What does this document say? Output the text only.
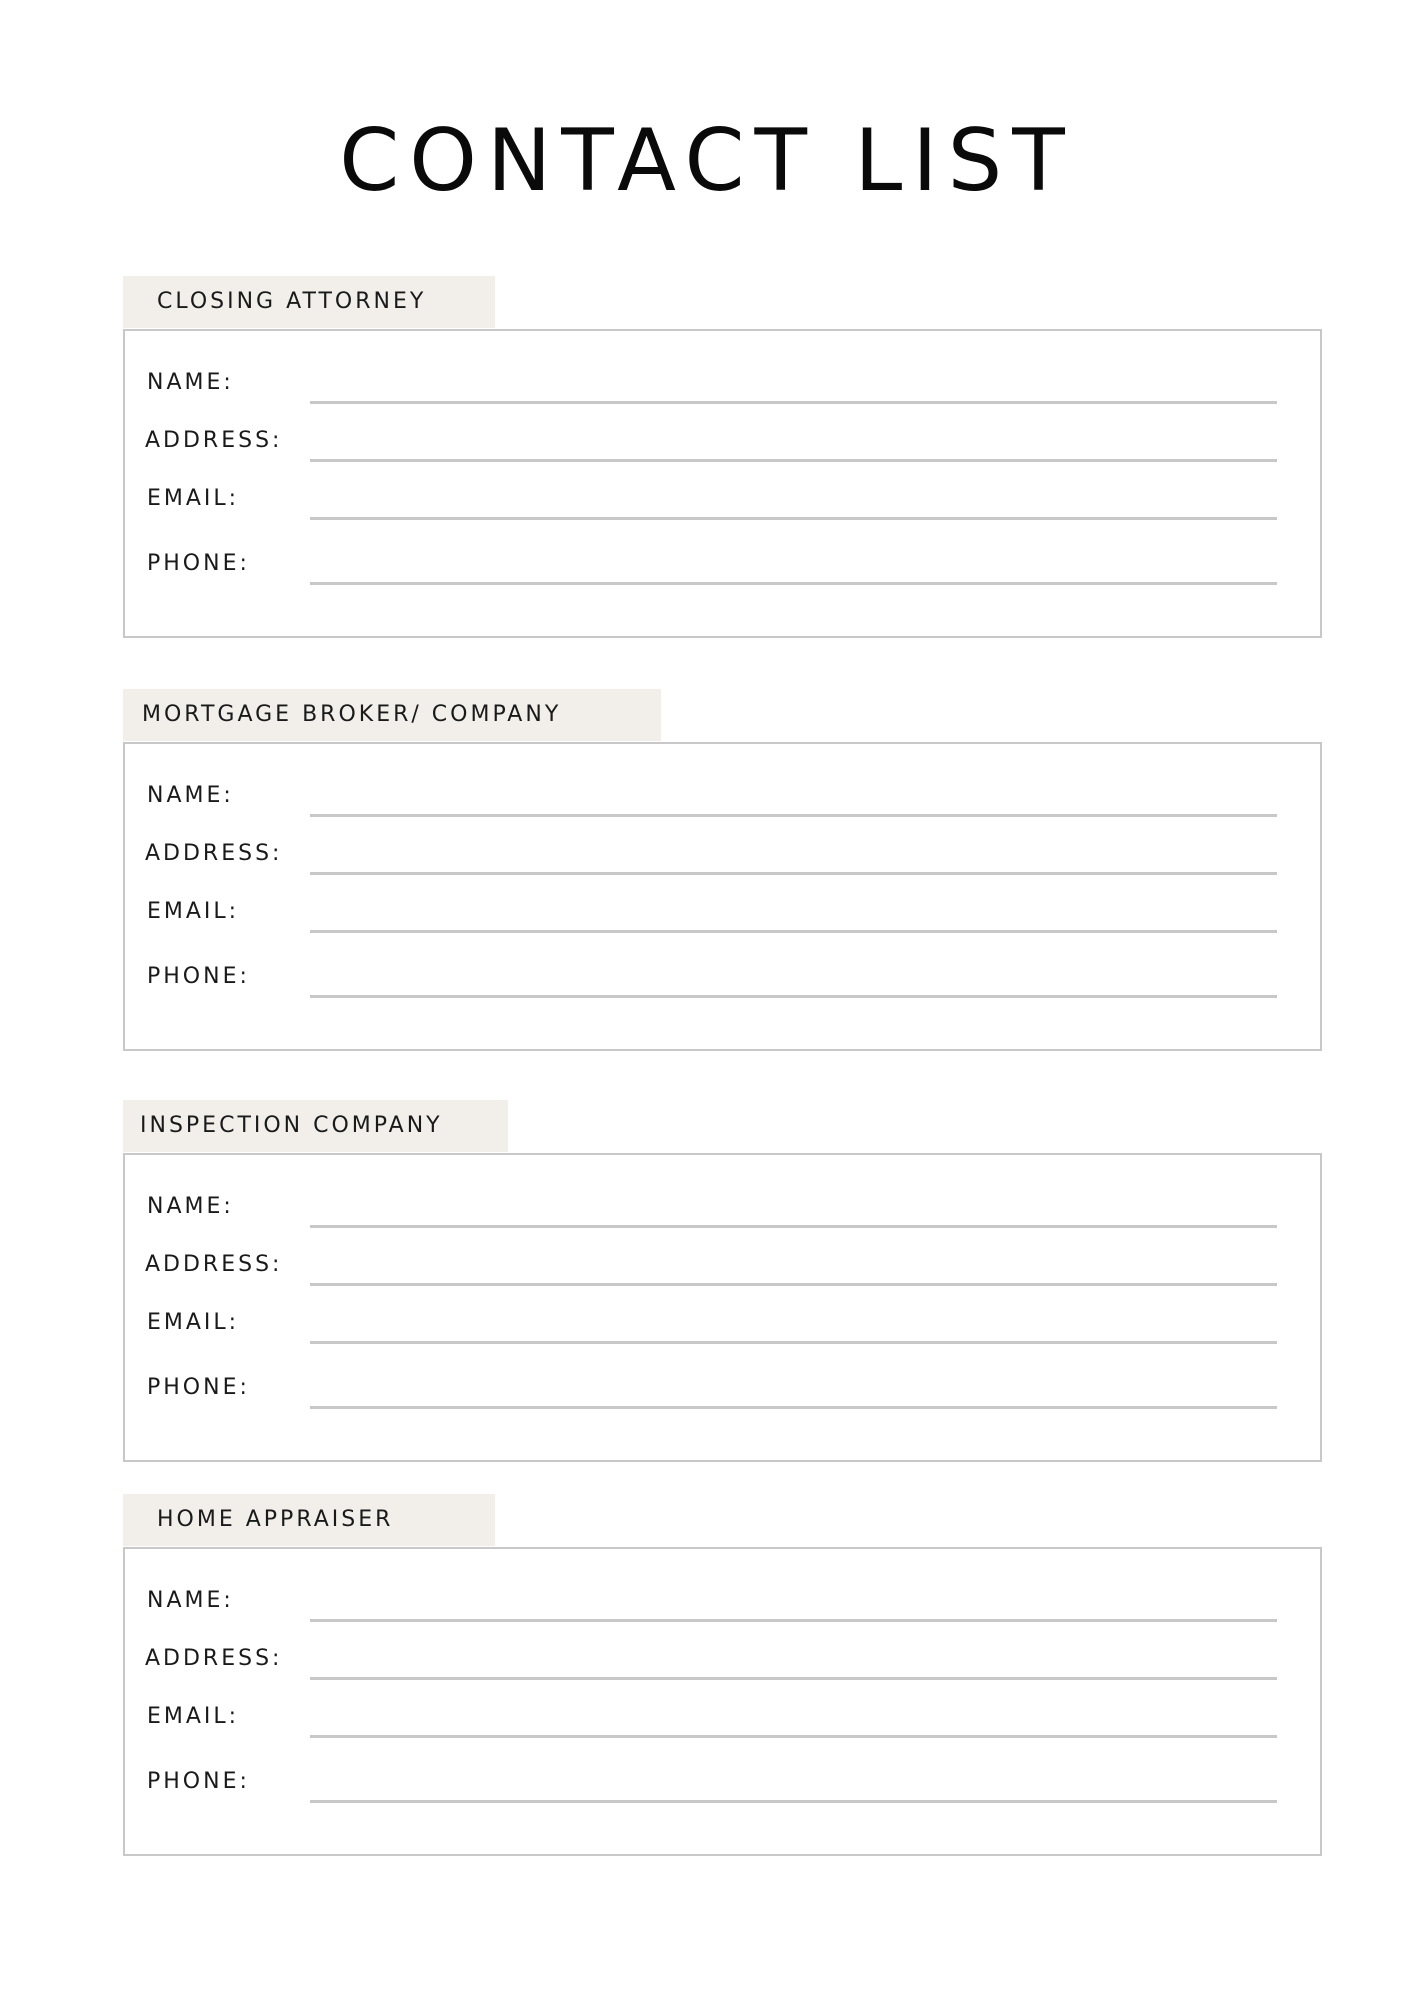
CONTACT LIST
CLOSING ATTORNEY
NAME:
ADDRESS:
EMAIL:
PHONE:
MORTGAGE BROKER/ COMPANY
NAME:
ADDRESS:
EMAIL:
PHONE:
INSPECTION COMPANY
NAME:
ADDRESS:
EMAIL:
PHONE:
HOME APPRAISER
NAME:
ADDRESS:
EMAIL:
PHONE:
